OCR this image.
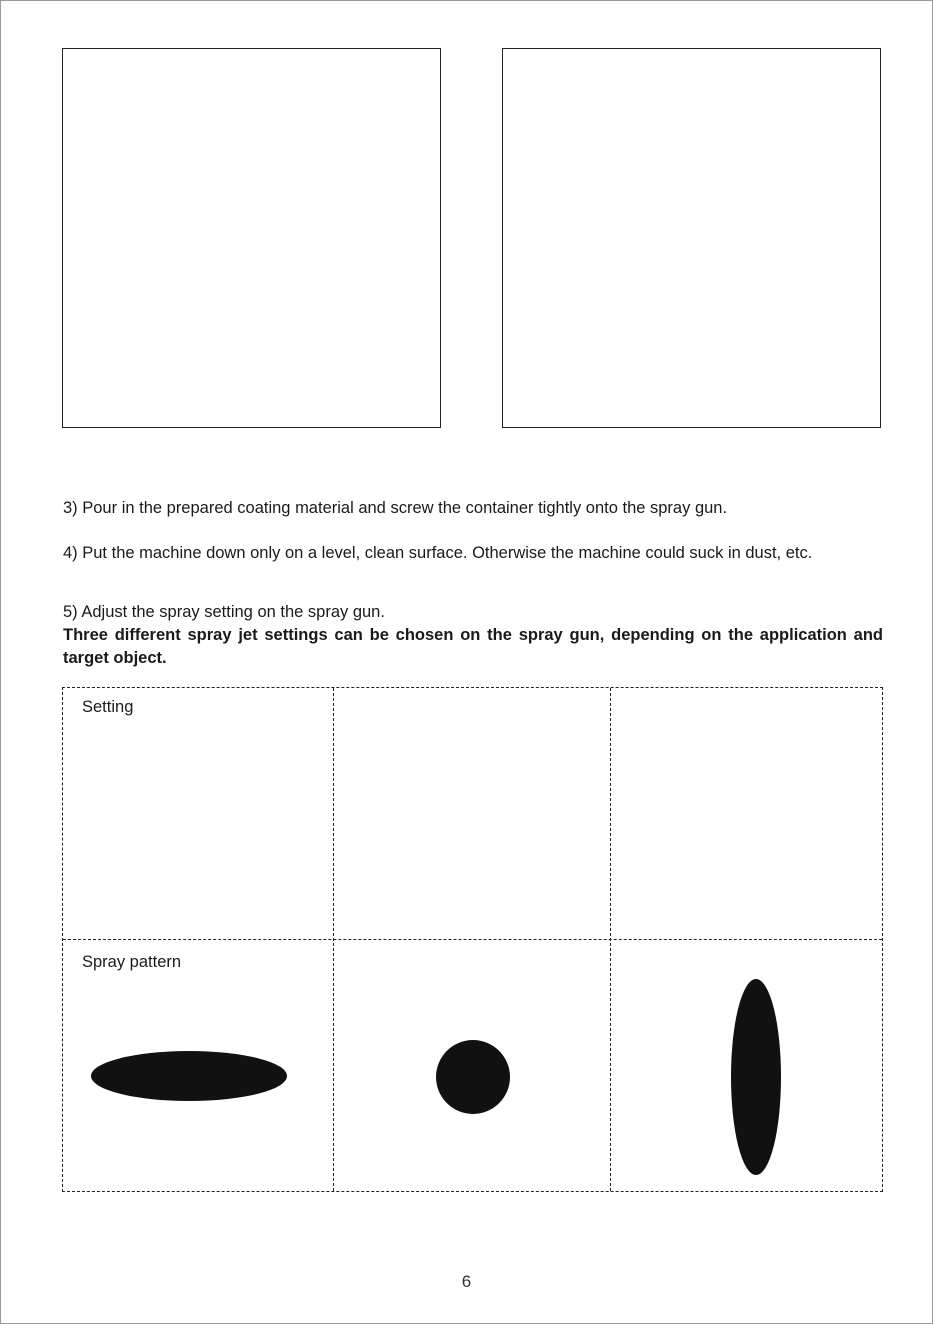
3) Pour in the prepared coating material and screw the container tightly onto the spray gun.
4) Put the machine down only on a level, clean surface. Otherwise the machine could suck in dust, etc.
5) Adjust the spray setting on the spray gun.
Three different spray jet settings can be chosen on the spray gun, depending on the application and target object.
Setting
Spray pattern
6
